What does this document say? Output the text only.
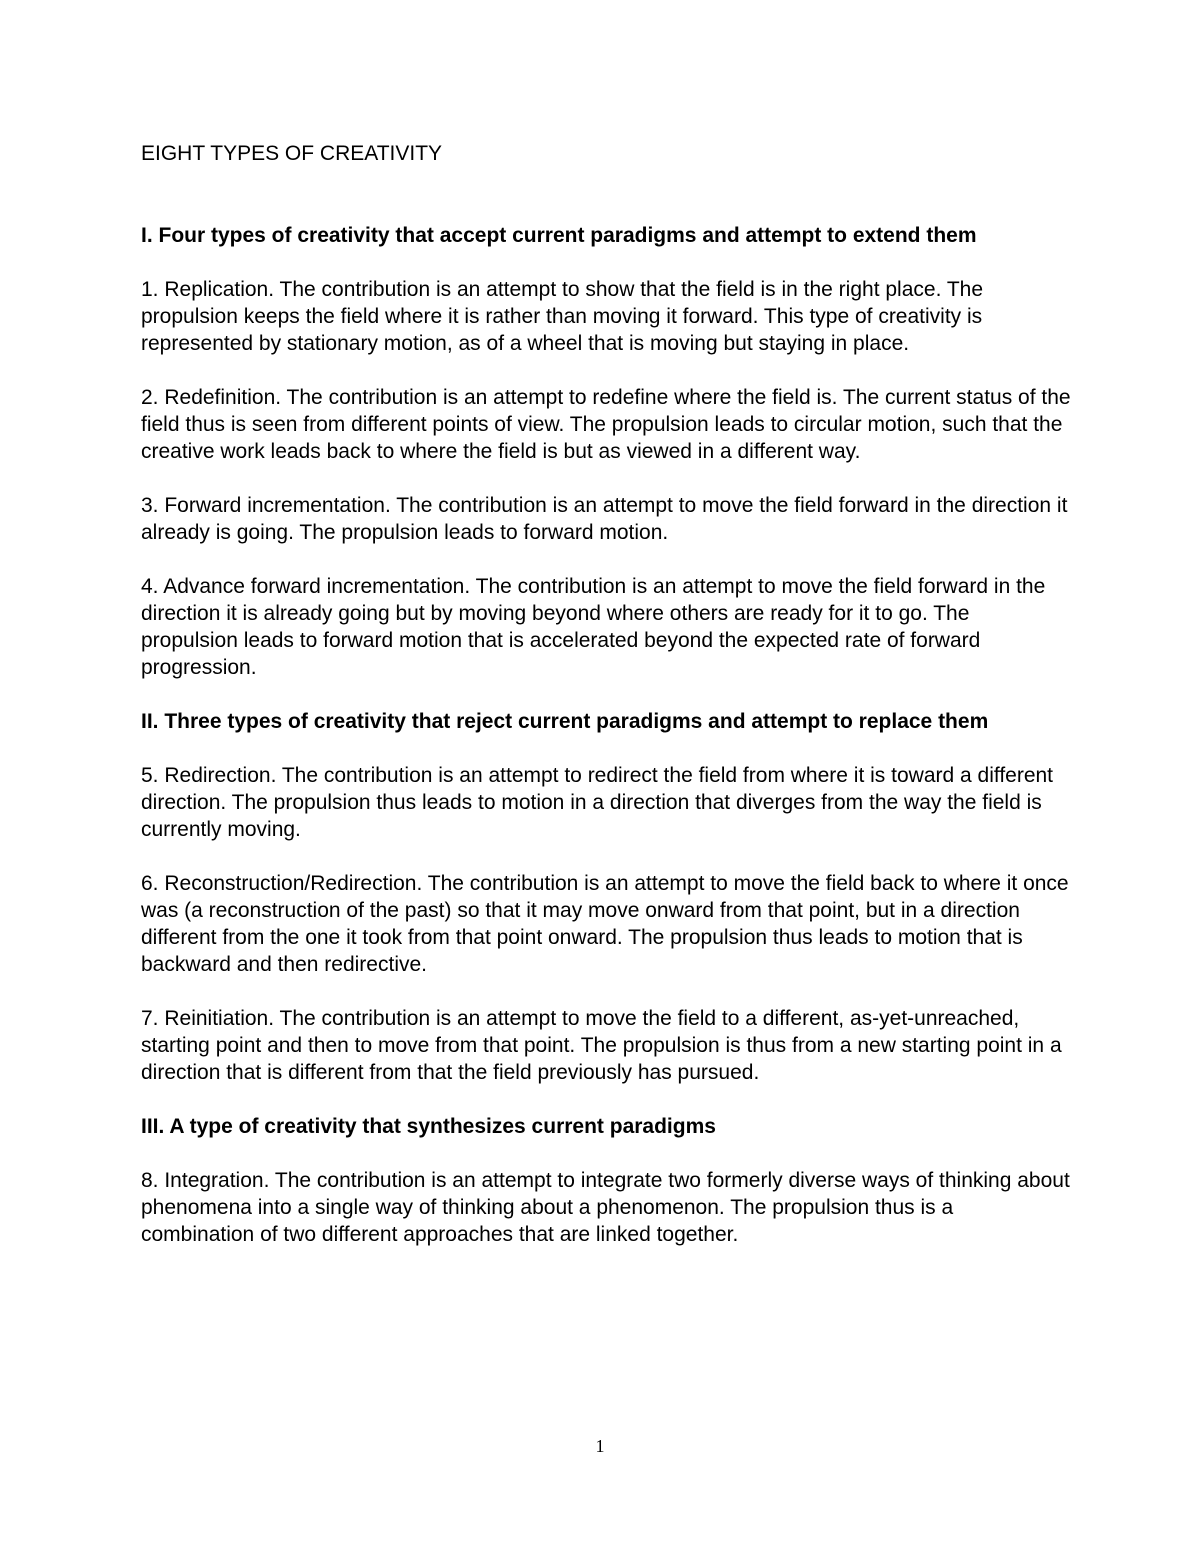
EIGHT TYPES OF CREATIVITY
I. Four types of creativity that accept current paradigms and attempt to extend them
1. Replication. The contribution is an attempt to show that the field is in the right place. The propulsion keeps the field where it is rather than moving it forward. This type of creativity is represented by stationary motion, as of a wheel that is moving but staying in place.
2. Redefinition. The contribution is an attempt to redefine where the field is. The current status of the field thus is seen from different points of view. The propulsion leads to circular motion, such that the creative work leads back to where the field is but as viewed in a different way.
3. Forward incrementation. The contribution is an attempt to move the field forward in the direction it already is going. The propulsion leads to forward motion.
4. Advance forward incrementation. The contribution is an attempt to move the field forward in the direction it is already going but by moving beyond where others are ready for it to go. The propulsion leads to forward motion that is accelerated beyond the expected rate of forward progression.
II. Three types of creativity that reject current paradigms and attempt to replace them
5. Redirection. The contribution is an attempt to redirect the field from where it is toward a different direction. The propulsion thus leads to motion in a direction that diverges from the way the field is currently moving.
6. Reconstruction/Redirection. The contribution is an attempt to move the field back to where it once was (a reconstruction of the past) so that it may move onward from that point, but in a direction different from the one it took from that point onward. The propulsion thus leads to motion that is backward and then redirective.
7. Reinitiation. The contribution is an attempt to move the field to a different, as-yet-unreached, starting point and then to move from that point. The propulsion is thus from a new starting point in a direction that is different from that the field previously has pursued.
III. A type of creativity that synthesizes current paradigms
8. Integration. The contribution is an attempt to integrate two formerly diverse ways of thinking about phenomena into a single way of thinking about a phenomenon. The propulsion thus is a combination of two different approaches that are linked together.
1
